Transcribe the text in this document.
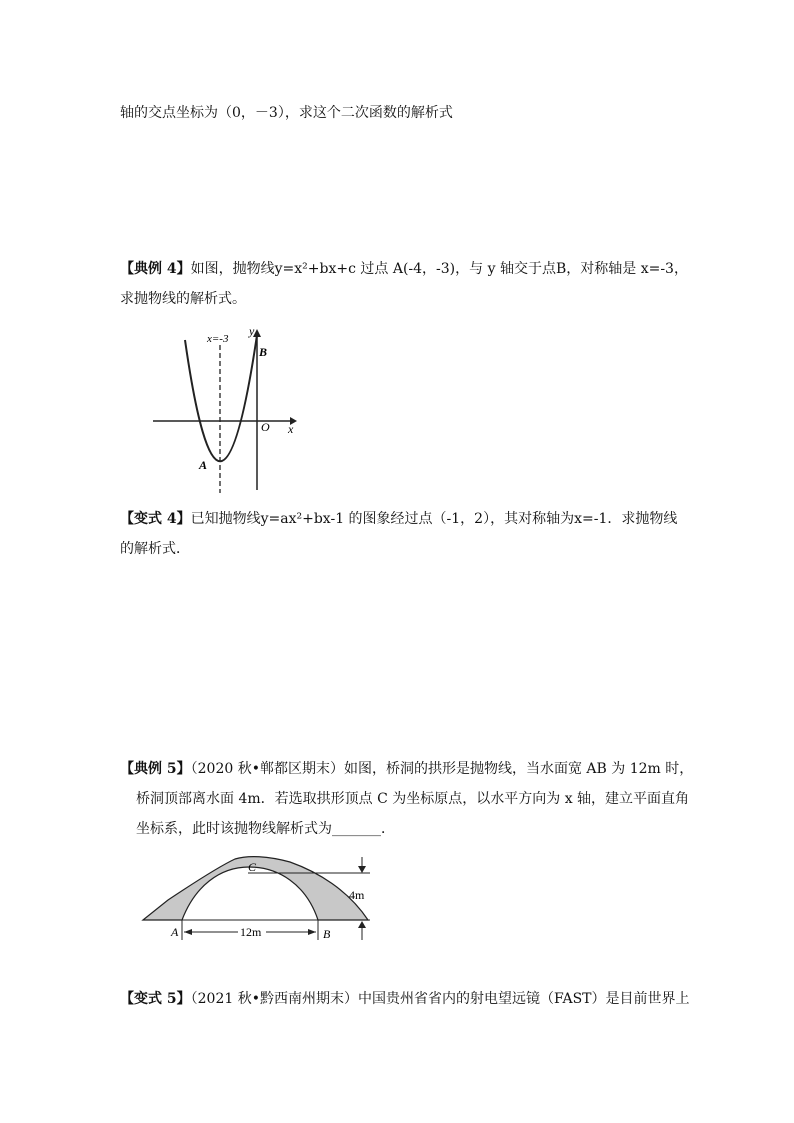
轴的交点坐标为（0，－3），求这个二次函数的解析式
【典例 4】如图，抛物线y=x²+bx+c 过点 A(-4，-3)，与 y 轴交于点B，对称轴是 x=-3，
求抛物线的解析式。
x=-3
y
x
O
B
A
【变式 4】已知抛物线y=ax²+bx-1 的图象经过点（-1，2），其对称轴为x=-1．求抛物线
的解析式．
【典例 5】（2020 秋•郸都区期末）如图，桥洞的拱形是抛物线，当水面宽 AB 为 12m 时，
桥洞顶部离水面 4m．若选取拱形顶点 C 为坐标原点，以水平方向为 x 轴，建立平面直角
坐标系，此时该抛物线解析式为_______．
C
4m
A	B
12m
【变式 5】（2021 秋•黔西南州期末）中国贵州省省内的射电望远镜（FAST）是目前世界上
